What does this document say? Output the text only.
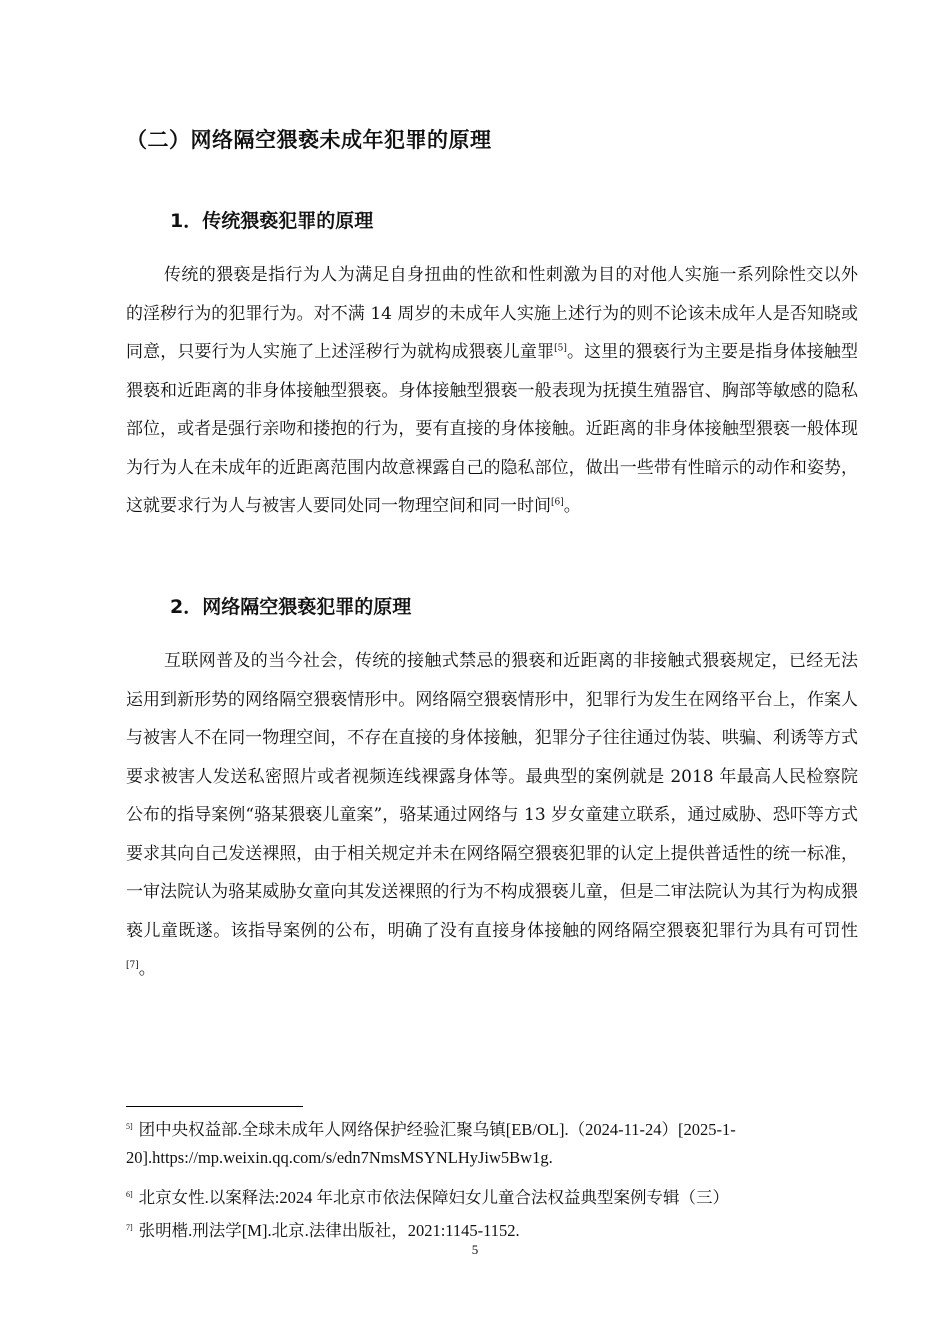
（二）网络隔空猥亵未成年犯罪的原理
1．传统猥亵犯罪的原理

传统的猥亵是指行为人为满足自身扭曲的性欲和性刺激为目的对他人实施一系列除性交以外的淫秽行为的犯罪行为。对不满 14 周岁的未成年人实施上述行为的则不论该未成年人是否知晓或同意，只要行为人实施了上述淫秽行为就构成猥亵儿童罪[5]。这里的猥亵行为主要是指身体接触型猥亵和近距离的非身体接触型猥亵。身体接触型猥亵一般表现为抚摸生殖器官、胸部等敏感的隐私部位，或者是强行亲吻和搂抱的行为，要有直接的身体接触。近距离的非身体接触型猥亵一般体现为行为人在未成年的近距离范围内故意裸露自己的隐私部位，做出一些带有性暗示的动作和姿势，这就要求行为人与被害人要同处同一物理空间和同一时间[6]。

2．网络隔空猥亵犯罪的原理

互联网普及的当今社会，传统的接触式禁忌的猥亵和近距离的非接触式猥亵规定，已经无法运用到新形势的网络隔空猥亵情形中。网络隔空猥亵情形中，犯罪行为发生在网络平台上，作案人与被害人不在同一物理空间，不存在直接的身体接触，犯罪分子往往通过伪装、哄骗、利诱等方式要求被害人发送私密照片或者视频连线裸露身体等。最典型的案例就是 2018 年最高人民检察院公布的指导案例“骆某猥亵儿童案”，骆某通过网络与 13 岁女童建立联系，通过威胁、恐吓等方式要求其向自己发送裸照，由于相关规定并未在网络隔空猥亵犯罪的认定上提供普适性的统一标准，一审法院认为骆某威胁女童向其发送裸照的行为不构成猥亵儿童，但是二审法院认为其行为构成猥亵儿童既遂。该指导案例的公布，明确了没有直接身体接触的网络隔空猥亵犯罪行为具有可罚性[7]。

$^{5]}$ 团中央权益部.全球未成年人网络保护经验汇聚乌镇[EB/OL].（2024-11-24）[2025-1-20].https://mp.weixin.qq.com/s/edn7NmsMSYNLHyJiw5Bw1g.

$^{6]}$ 北京女性.以案释法:2024 年北京市依法保障妇女儿童合法权益典型案例专辑（三）

$^{7]}$ 张明楷.刑法学[M].北京.法律出版社，2021:1145-1152.

5
